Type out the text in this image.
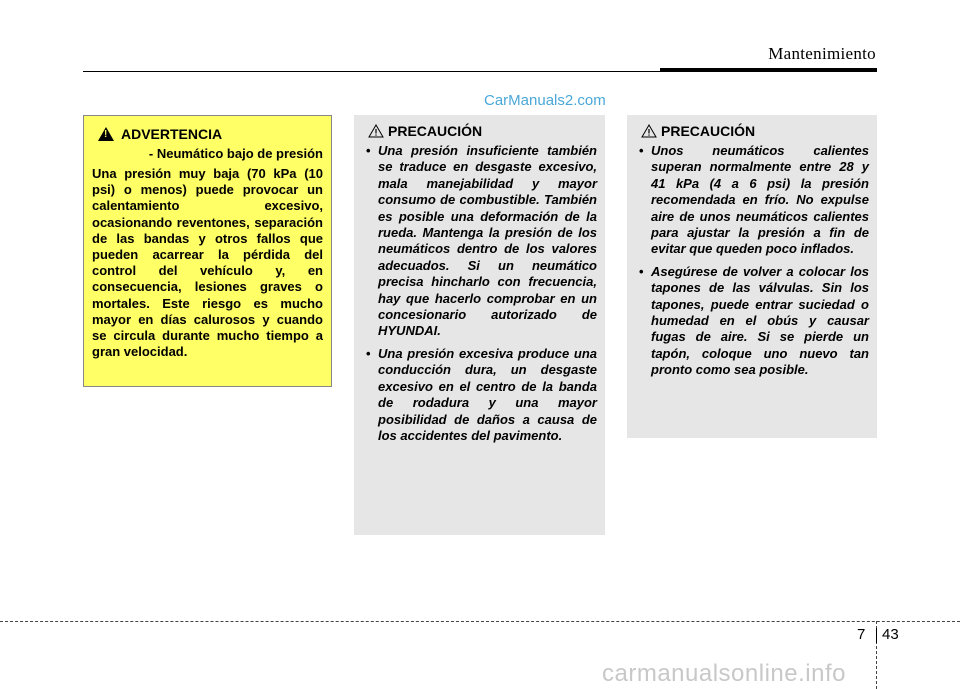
Mantenimiento
CarManuals2.com
!
ADVERTENCIA
- Neumático bajo de presión
Una presión muy baja (70 kPa (10 psi) o menos) puede provocar un calentamiento excesivo, ocasionando reventones, separación de las bandas y otros fallos que pueden acarrear la pérdida del control del vehículo y, en consecuencia, lesiones graves o mortales. Este riesgo es mucho mayor en días calurosos y cuando se circula durante mucho tiempo a gran velocidad.
PRECAUCIÓN
• Una presión insuficiente también se traduce en desgaste excesivo, mala manejabilidad y mayor consumo de combustible. También es posible una deformación de la rueda. Mantenga la presión de los neumáticos dentro de los valores adecuados. Si un neumático precisa hincharlo con frecuencia, hay que hacerlo comprobar en un concesionario autorizado de HYUNDAI.
• Una presión excesiva produce una conducción dura, un desgaste excesivo en el centro de la banda de rodadura y una mayor posibilidad de daños a causa de los accidentes del pavimento.
PRECAUCIÓN
• Unos neumáticos calientes superan normalmente entre 28 y 41 kPa (4 a 6 psi) la presión recomendada en frío. No expulse aire de unos neumáticos calientes para ajustar la presión a fin de evitar que queden poco inflados.
• Asegúrese de volver a colocar los tapones de las válvulas. Sin los tapones, puede entrar suciedad o humedad en el obús y causar fugas de aire. Si se pierde un tapón, coloque uno nuevo tan pronto como sea posible.
7 43
carmanualsonline.info
